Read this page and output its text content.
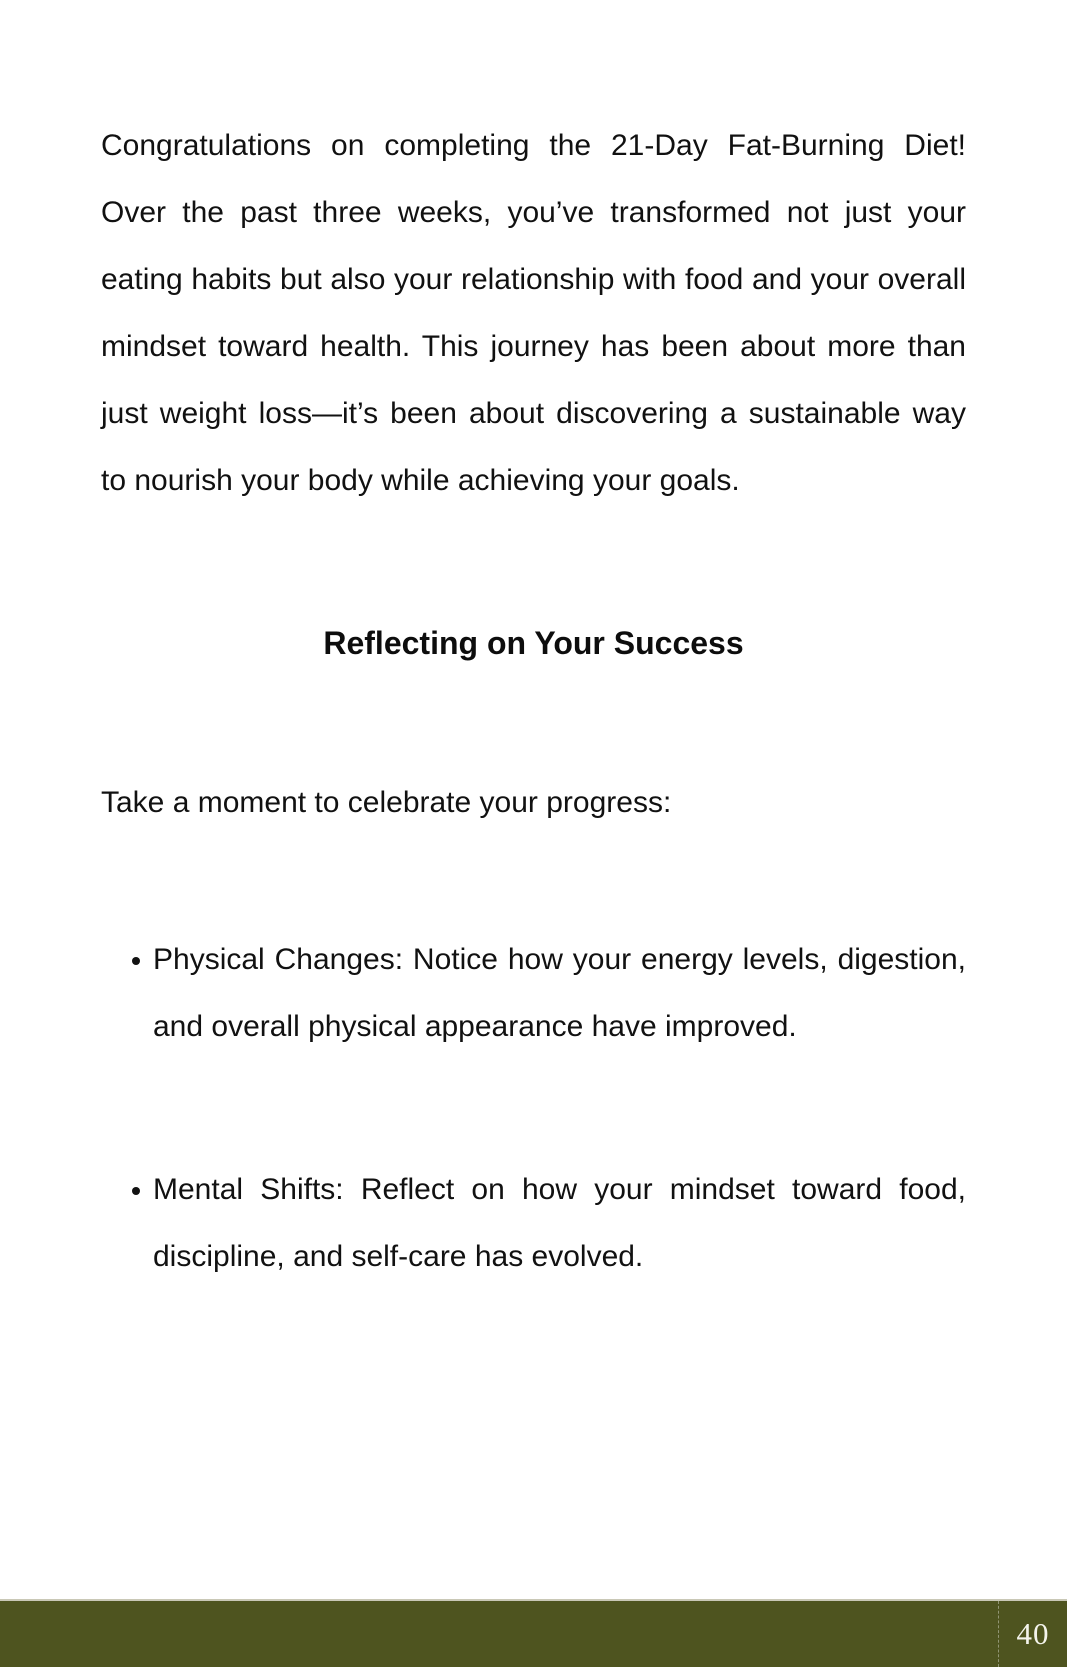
Congratulations on completing the 21-Day Fat-Burning Diet! Over the past three weeks, you’ve transformed not just your eating habits but also your relationship with food and your overall mindset toward health. This journey has been about more than just weight loss—it’s been about discovering a sustainable way to nourish your body while achieving your goals.

Reflecting on Your Success

Take a moment to celebrate your progress:

Physical Changes: Notice how your energy levels, digestion, and overall physical appearance have improved.
Mental Shifts: Reflect on how your mindset toward food, discipline, and self-care has evolved.
40
